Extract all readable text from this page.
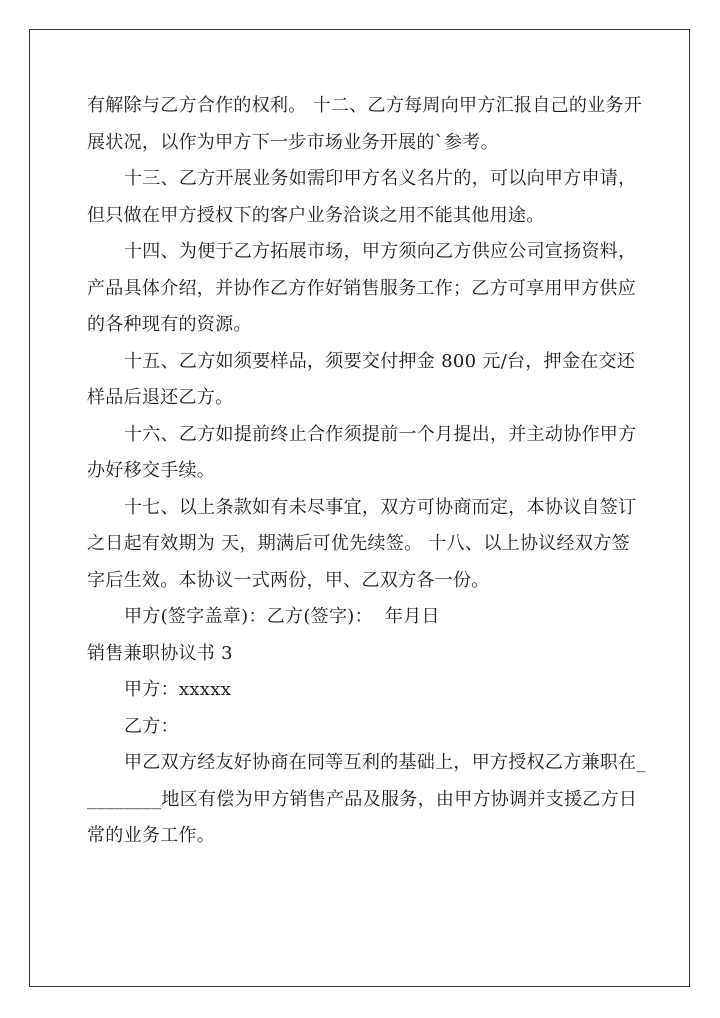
有解除与乙方合作的权利。 十二、乙方每周向甲方汇报自己的业务开展状况，以作为甲方下一步市场业务开展的`参考。

十三、乙方开展业务如需印甲方名义名片的，可以向甲方申请，但只做在甲方授权下的客户业务洽谈之用不能其他用途。

十四、为便于乙方拓展市场，甲方须向乙方供应公司宣扬资料，产品具体介绍，并协作乙方作好销售服务工作；乙方可享用甲方供应的各种现有的资源。

十五、乙方如须要样品，须要交付押金 800 元/台，押金在交还样品后退还乙方。

十六、乙方如提前终止合作须提前一个月提出，并主动协作甲方办好移交手续。

十七、以上条款如有未尽事宜，双方可协商而定，本协议自签订之日起有效期为 天，期满后可优先续签。 十八、以上协议经双方签字后生效。本协议一式两份，甲、乙双方各一份。

甲方(签字盖章)：乙方(签字)：  年月日

销售兼职协议书 3

甲方：xxxxx

乙方：

甲乙双方经友好协商在同等互利的基础上，甲方授权乙方兼职在_________地区有偿为甲方销售产品及服务，由甲方协调并支援乙方日常的业务工作。
